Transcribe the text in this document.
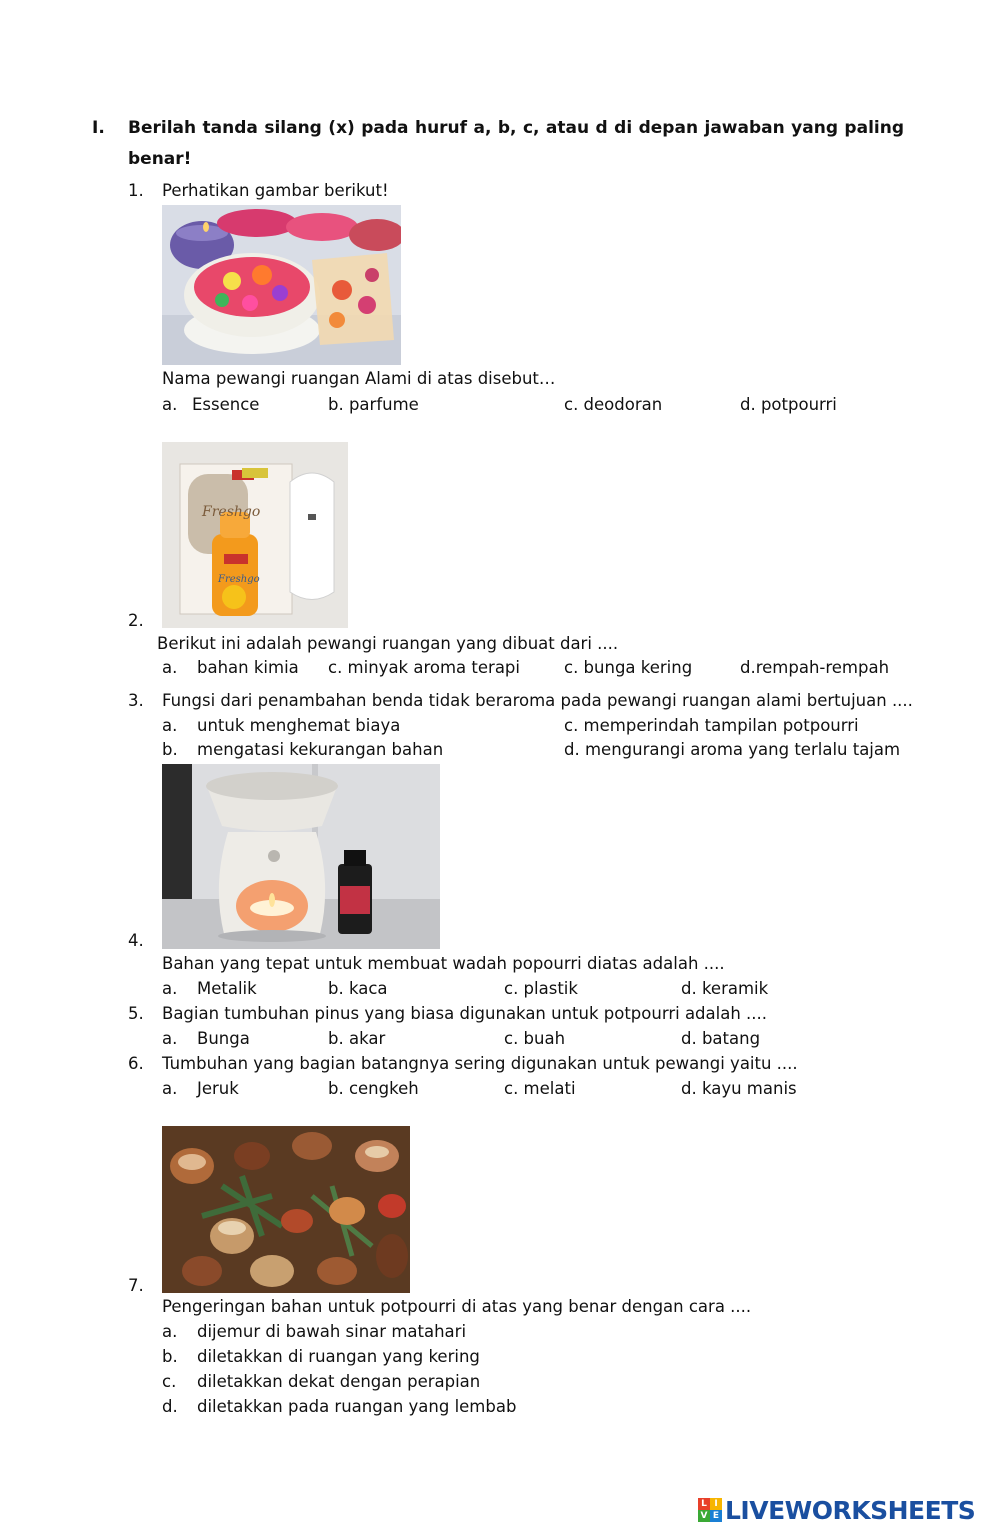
I. Berilah tanda silang (x) pada huruf a, b, c, atau d di depan jawaban yang paling
benar!
1. Perhatikan gambar berikut!
Nama pewangi ruangan Alami di atas disebut…
a. Essence	b. parfume	c. deodoran	d. potpourri
Freshgo
Freshgo
2.
Berikut ini adalah pewangi ruangan yang dibuat dari ....
a. bahan kimia c. minyak aroma terapi	c. bunga kering	d.rempah-rempah
3. Fungsi dari penambahan benda tidak beraroma pada pewangi ruangan alami bertujuan ....
a. untuk menghemat biaya	c. memperindah tampilan potpourri
b. mengatasi kekurangan bahan	d. mengurangi aroma yang terlalu tajam
4.
Bahan yang tepat untuk membuat wadah popourri diatas adalah ....
a. Metalik	b. kaca	c. plastik	d. keramik
5. Bagian tumbuhan pinus yang biasa digunakan untuk potpourri adalah ....
a. Bunga	b. akar	c. buah	d. batang
6. Tumbuhan yang bagian batangnya sering digunakan untuk pewangi yaitu ....
a. Jeruk	b. cengkeh	c. melati	d. kayu manis
7.
Pengeringan bahan untuk potpourri di atas yang benar dengan cara ....
a. dijemur di bawah sinar matahari
b. diletakkan di ruangan yang kering
c. diletakkan dekat dengan perapian
d. diletakkan pada ruangan yang lembab
L I
V E LIVEWORKSHEETS
